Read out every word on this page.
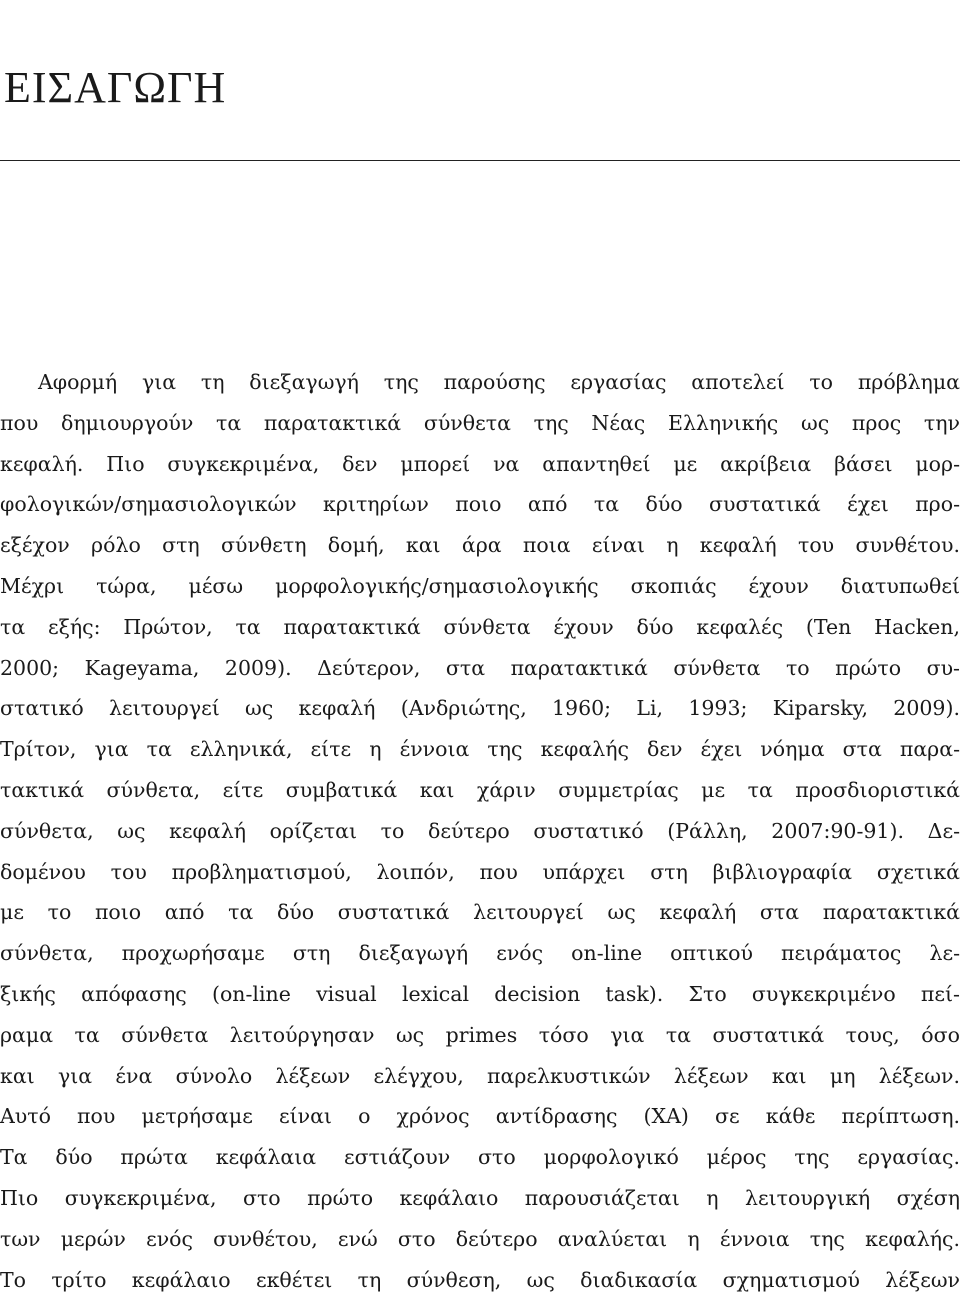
ΕΙΣΑΓΩΓΗ
Αφορμή για τη διεξαγωγή της παρούσης εργασίας αποτελεί το πρόβλημα
που δημιουργούν τα παρατακτικά σύνθετα της Νέας Ελληνικής ως προς την
κεφαλή. Πιο συγκεκριμένα, δεν μπορεί να απαντηθεί με ακρίβεια βάσει μορ-
φολογικών/σημασιολογικών κριτηρίων ποιο από τα δύο συστατικά έχει προ-
εξέχον ρόλο στη σύνθετη δομή, και άρα ποια είναι η κεφαλή του συνθέτου.
Μέχρι τώρα, μέσω μορφολογικής/σημασιολογικής σκοπιάς έχουν διατυπωθεί
τα εξής: Πρώτον, τα παρατακτικά σύνθετα έχουν δύο κεφαλές (Ten Hacken,
2000; Kageyama, 2009). Δεύτερον, στα παρατακτικά σύνθετα το πρώτο συ-
στατικό λειτουργεί ως κεφαλή (Ανδριώτης, 1960; Li, 1993; Kiparsky, 2009).
Τρίτον, για τα ελληνικά, είτε η έννοια της κεφαλής δεν έχει νόημα στα παρα-
τακτικά σύνθετα, είτε συμβατικά και χάριν συμμετρίας με τα προσδιοριστικά
σύνθετα, ως κεφαλή ορίζεται το δεύτερο συστατικό (Ράλλη, 2007:90-91). Δε-
δομένου του προβληματισμού, λοιπόν, που υπάρχει στη βιβλιογραφία σχετικά
με το ποιο από τα δύο συστατικά λειτουργεί ως κεφαλή στα παρατακτικά
σύνθετα, προχωρήσαμε στη διεξαγωγή ενός on-line οπτικού πειράματος λε-
ξικής απόφασης (on-line visual lexical decision task). Στο συγκεκριμένο πεί-
ραμα τα σύνθετα λειτούργησαν ως primes τόσο για τα συστατικά τους, όσο
και για ένα σύνολο λέξεων ελέγχου, παρελκυστικών λέξεων και μη λέξεων.
Αυτό που μετρήσαμε είναι ο χρόνος αντίδρασης (ΧΑ) σε κάθε περίπτωση.
Τα δύο πρώτα κεφάλαια εστιάζουν στο μορφολογικό μέρος της εργασίας.
Πιο συγκεκριμένα, στο πρώτο κεφάλαιο παρουσιάζεται η λειτουργική σχέση
των μερών ενός συνθέτου, ενώ στο δεύτερο αναλύεται η έννοια της κεφαλής.
Το τρίτο κεφάλαιο εκθέτει τη σύνθεση, ως διαδικασία σχηματισμού λέξεων
